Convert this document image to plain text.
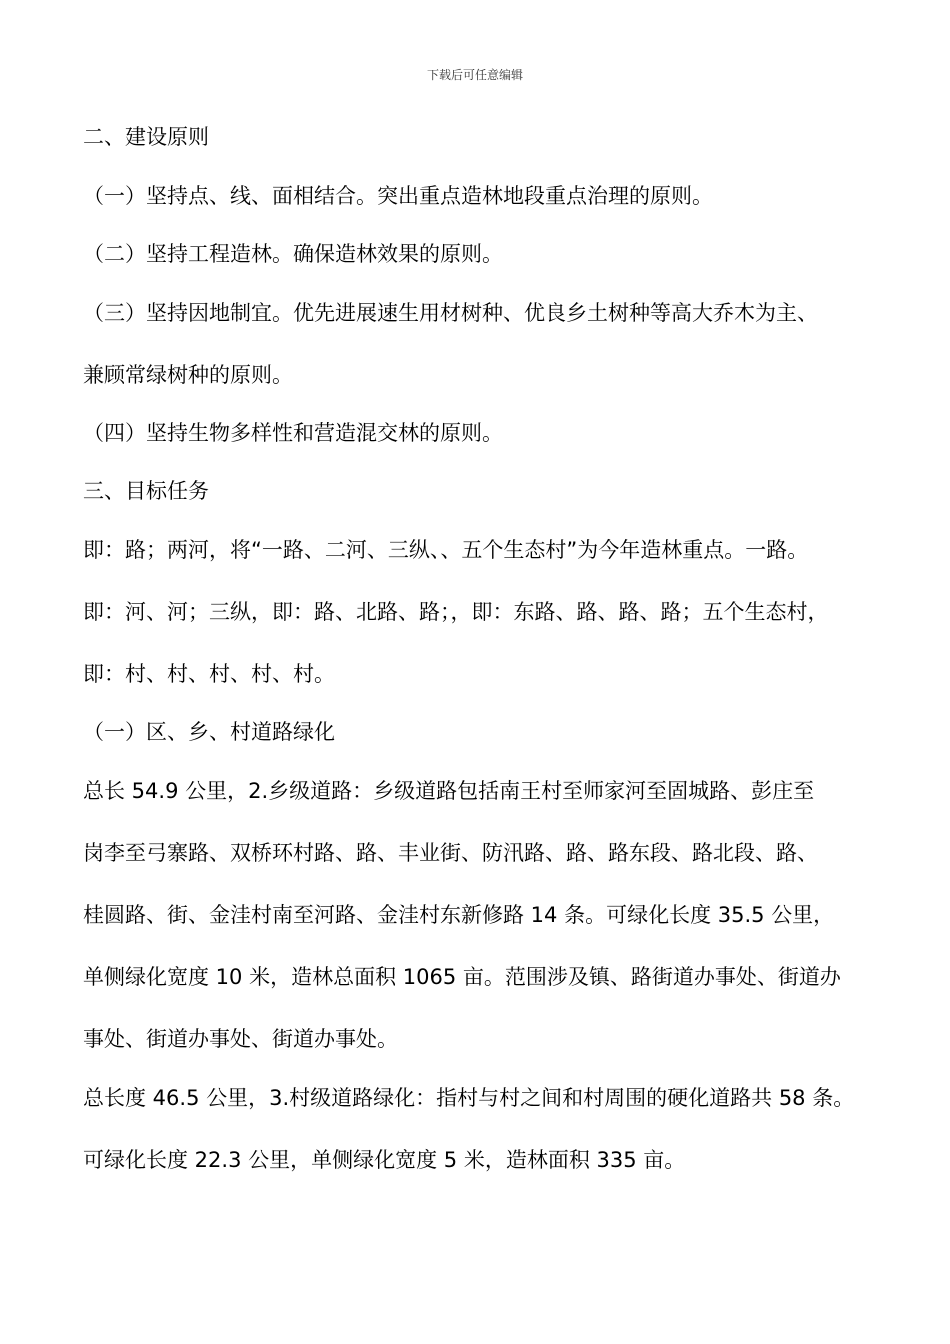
下载后可任意编辑
二、建设原则
（一）坚持点、线、面相结合。突出重点造林地段重点治理的原则。
（二）坚持工程造林。确保造林效果的原则。
（三）坚持因地制宜。优先进展速生用材树种、优良乡土树种等高大乔木为主、
兼顾常绿树种的原则。
（四）坚持生物多样性和营造混交林的原则。
三、目标任务
即：路；两河，将“一路、二河、三纵、、五个生态村”为今年造林重点。一路。
即：河、河；三纵，即：路、北路、路；，即：东路、路、路、路；五个生态村，
即：村、村、村、村、村。
（一）区、乡、村道路绿化
总长 54.9 公里，2.乡级道路：乡级道路包括南王村至师家河至固城路、彭庄至
岗李至弓寨路、双桥环村路、路、丰业街、防汛路、路、路东段、路北段、路、
桂圆路、街、金洼村南至河路、金洼村东新修路 14 条。可绿化长度 35.5 公里，
单侧绿化宽度 10 米，造林总面积 1065 亩。范围涉及镇、路街道办事处、街道办
事处、街道办事处、街道办事处。
总长度 46.5 公里，3.村级道路绿化：指村与村之间和村周围的硬化道路共 58 条。
可绿化长度 22.3 公里，单侧绿化宽度 5 米，造林面积 335 亩。
